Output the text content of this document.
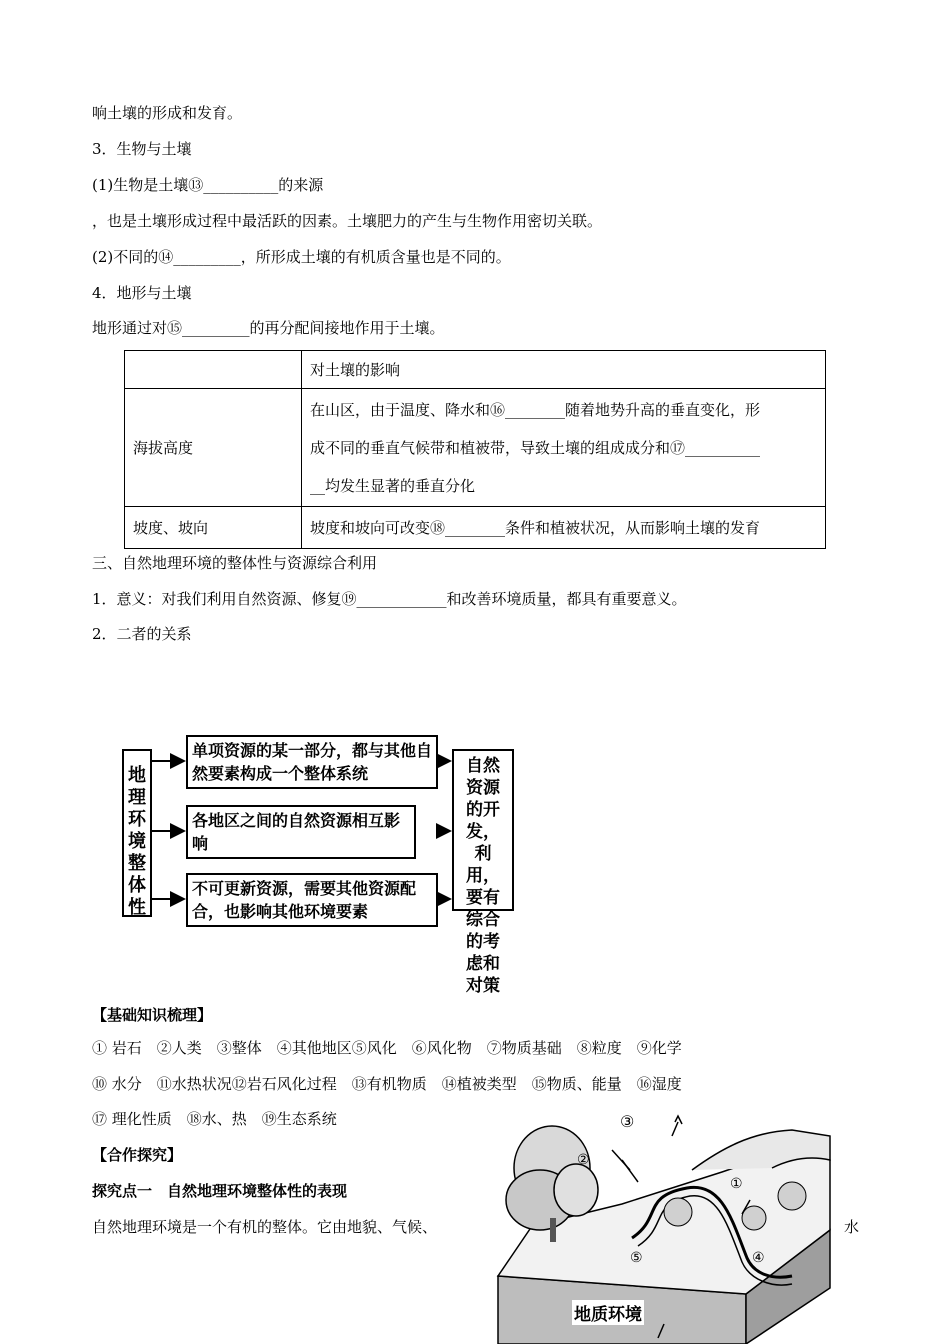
响土壤的形成和发育。
3．生物与土壤
(1)生物是土壤⑬__________的来源
，也是土壤形成过程中最活跃的因素。土壤肥力的产生与生物作用密切关联。
(2)不同的⑭_________，所形成土壤的有机质含量也是不同的。
4．地形与土壤
地形通过对⑮_________的再分配间接地作用于土壤。
	对土壤的影响
海拔高度	在山区，由于温度、降水和⑯________随着地势升高的垂直变化，形
成不同的垂直气候带和植被带，导致土壤的组成成分和⑰__________
__均发生显著的垂直分化

坡度、坡向	坡度和坡向可改变⑱________条件和植被状况，从而影响土壤的发育
三、自然地理环境的整体性与资源综合利用
1．意义：对我们利用自然资源、修复⑲____________和改善环境质量，都具有重要意义。
2．二者的关系
地理环境整体性
单项资源的某一部分，都与其他自然要素构成一个整体系统
各地区之间的自然资源相互影响
不可更新资源，需要其他资源配合，也影响其他环境要素
自然资源的开发，利用，要有综合的考虑和对策
【基础知识梳理】
① 岩石　②人类　③整体　④其他地区⑤风化　⑥风化物　⑦物质基础　⑧粒度　⑨化学
⑩ 水分　⑪水热状况⑫岩石风化过程　⑬有机物质　⑭植被类型　⑮物质、能量　⑯湿度
⑰ 理化性质　⑱水、热　⑲生态系统
【合作探究】
探究点一　自然地理环境整体性的表现
自然地理环境是一个有机的整体。它由地貌、气候、	水
③
②
①
④
⑤
地质环境
